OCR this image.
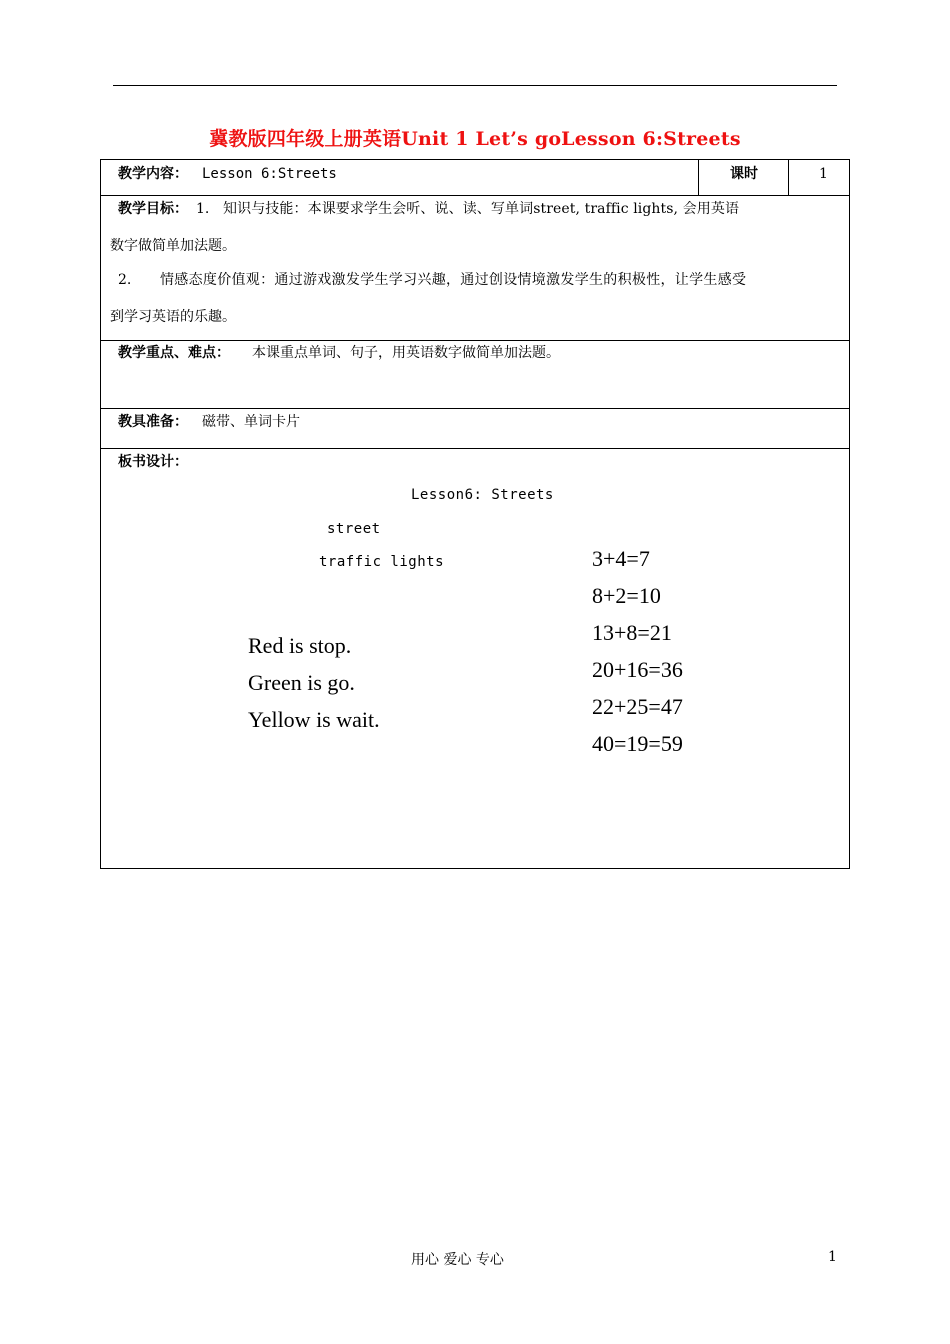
冀教版四年级上册英语Unit 1 Let’s goLesson 6:Streets
教学内容： Lesson 6:Streets	课时	1
教学目标： 1. 知识与技能：本课要求学生会听、说、读、写单词street, traffic lights, 会用英语
数字做简单加法题。
2. 情感态度价值观：通过游戏激发学生学习兴趣，通过创设情境激发学生的积极性，让学生感受
到学习英语的乐趣。
教学重点、难点： 本课重点单词、句子，用英语数字做简单加法题。
教具准备： 磁带、单词卡片
板书设计：
Lesson6: Streets
street
traffic lights
Red is stop.
Green is go.
Yellow is wait.
3+4=7
8+2=10
13+8=21
20+16=36
22+25=47
40=19=59
用心 爱心 专心	1
